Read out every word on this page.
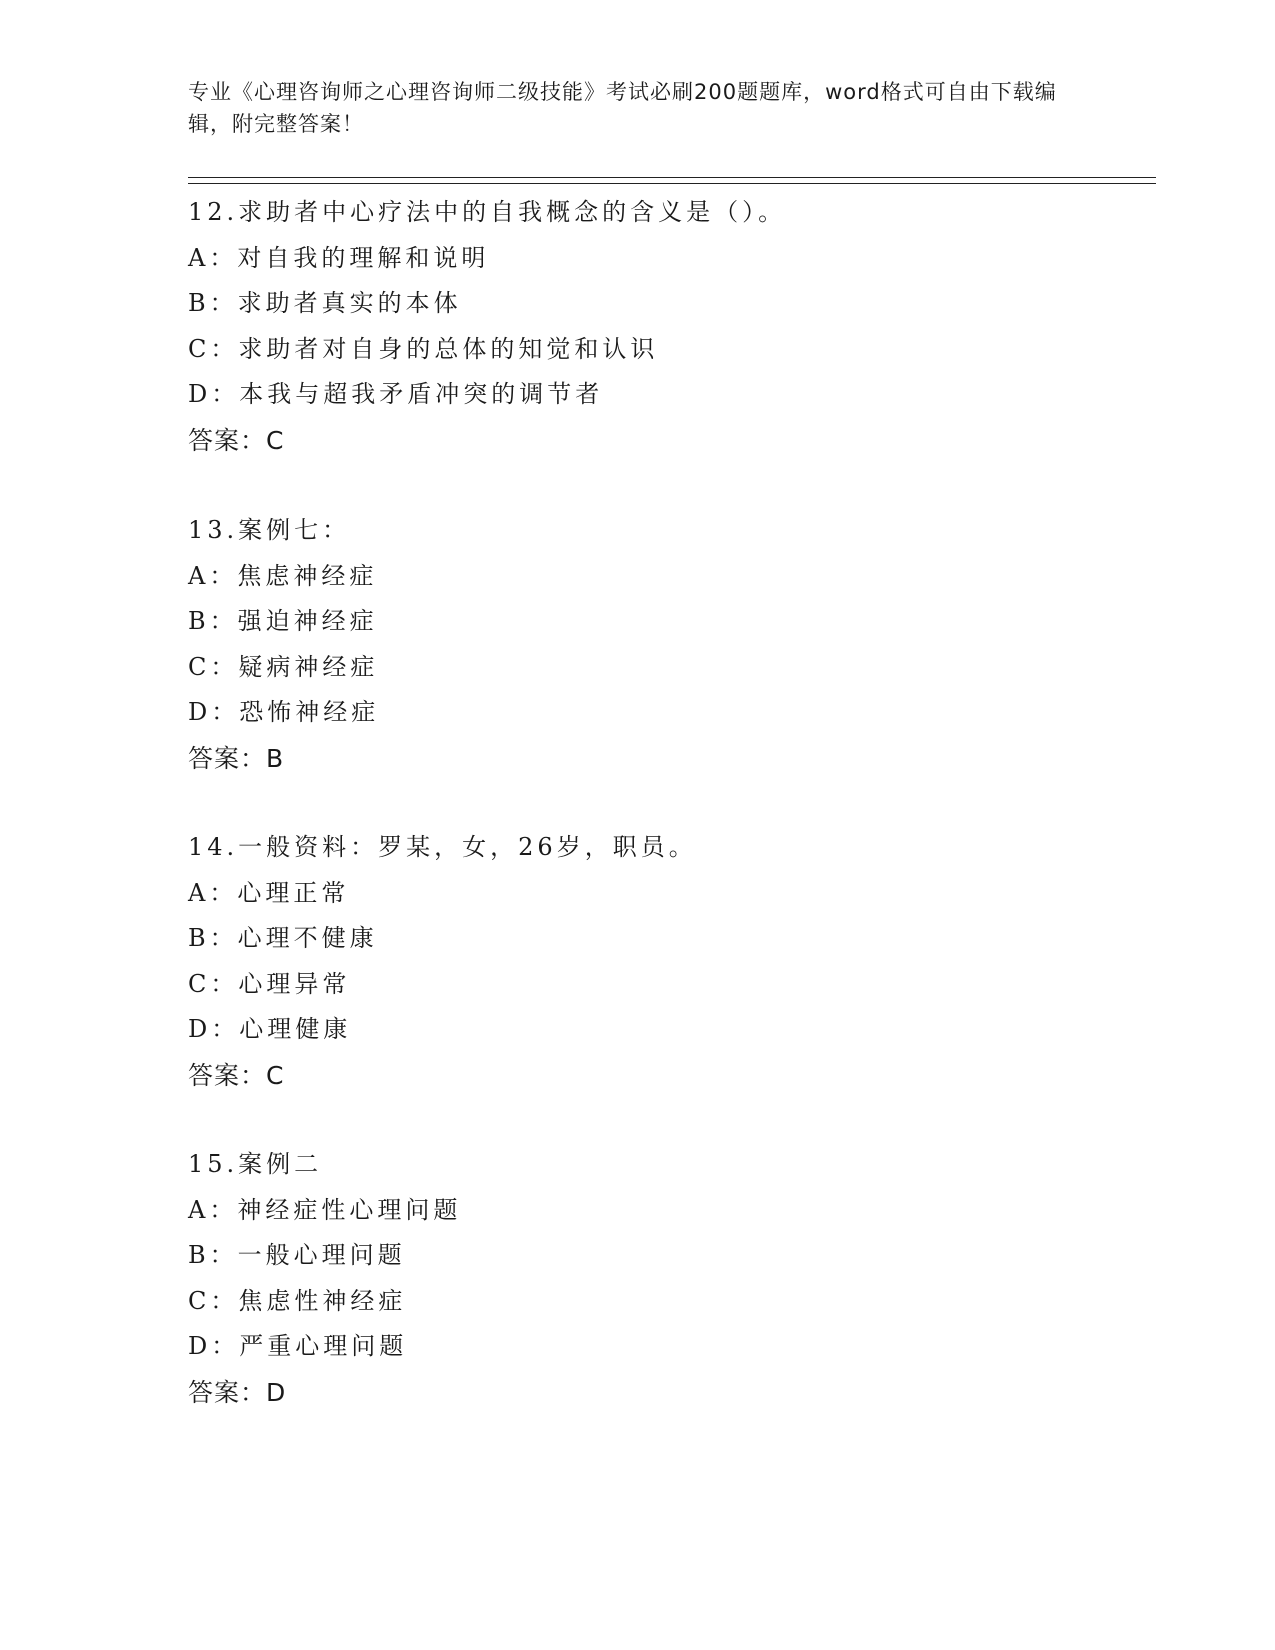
专业《心理咨询师之心理咨询师二级技能》考试必刷200题题库，word格式可自由下载编辑，附完整答案！
12.求助者中心疗法中的自我概念的含义是（）。
A：对自我的理解和说明
B：求助者真实的本体
C：求助者对自身的总体的知觉和认识
D：本我与超我矛盾冲突的调节者
答案：C
13.案例七：
A：焦虑神经症
B：强迫神经症
C：疑病神经症
D：恐怖神经症
答案：B
14.一般资料：罗某，女，26岁，职员。
A：心理正常
B：心理不健康
C：心理异常
D：心理健康
答案：C
15.案例二
A：神经症性心理问题
B：一般心理问题
C：焦虑性神经症
D：严重心理问题
答案：D
